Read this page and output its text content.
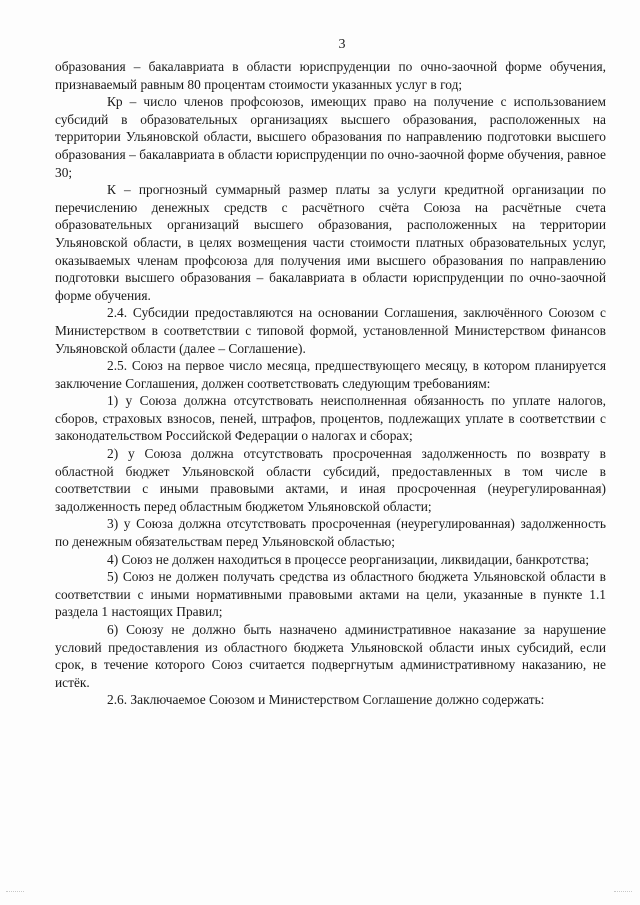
3

образования – бакалавриата в области юриспруденции по очно-заочной форме обучения, признаваемый равным 80 процентам стоимости указанных услуг в год;

Кр – число членов профсоюзов, имеющих право на получение с использованием субсидий в образовательных организациях высшего образования, расположенных на территории Ульяновской области, высшего образования по направлению подготовки высшего образования – бакалавриата в области юриспруденции по очно-заочной форме обучения, равное 30;

К – прогнозный суммарный размер платы за услуги кредитной организации по перечислению денежных средств с расчётного счёта Союза на расчётные счета образовательных организаций высшего образования, расположенных на территории Ульяновской области, в целях возмещения части стоимости платных образовательных услуг, оказываемых членам профсоюза для получения ими высшего образования по направлению подготовки высшего образования – бакалавриата в области юриспруденции по очно-заочной форме обучения.

2.4. Субсидии предоставляются на основании Соглашения, заключённого Союзом с Министерством в соответствии с типовой формой, установленной Министерством финансов Ульяновской области (далее – Соглашение).

2.5. Союз на первое число месяца, предшествующего месяцу, в котором планируется заключение Соглашения, должен соответствовать следующим требованиям:

1) у Союза должна отсутствовать неисполненная обязанность по уплате налогов, сборов, страховых взносов, пеней, штрафов, процентов, подлежащих уплате в соответствии с законодательством Российской Федерации о налогах и сборах;

2) у Союза должна отсутствовать просроченная задолженность по возврату в областной бюджет Ульяновской области субсидий, предоставленных в том числе в соответствии с иными правовыми актами, и иная просроченная (неурегулированная) задолженность перед областным бюджетом Ульяновской области;

3) у Союза должна отсутствовать просроченная (неурегулированная) задолженность по денежным обязательствам перед Ульяновской областью;

4) Союз не должен находиться в процессе реорганизации, ликвидации, банкротства;

5) Союз не должен получать средства из областного бюджета Ульяновской области в соответствии с иными нормативными правовыми актами на цели, указанные в пункте 1.1 раздела 1 настоящих Правил;

6) Союзу не должно быть назначено административное наказание за нарушение условий предоставления из областного бюджета Ульяновской области иных субсидий, если срок, в течение которого Союз считается подвергнутым административному наказанию, не истёк.

2.6. Заключаемое Союзом и Министерством Соглашение должно содержать:
